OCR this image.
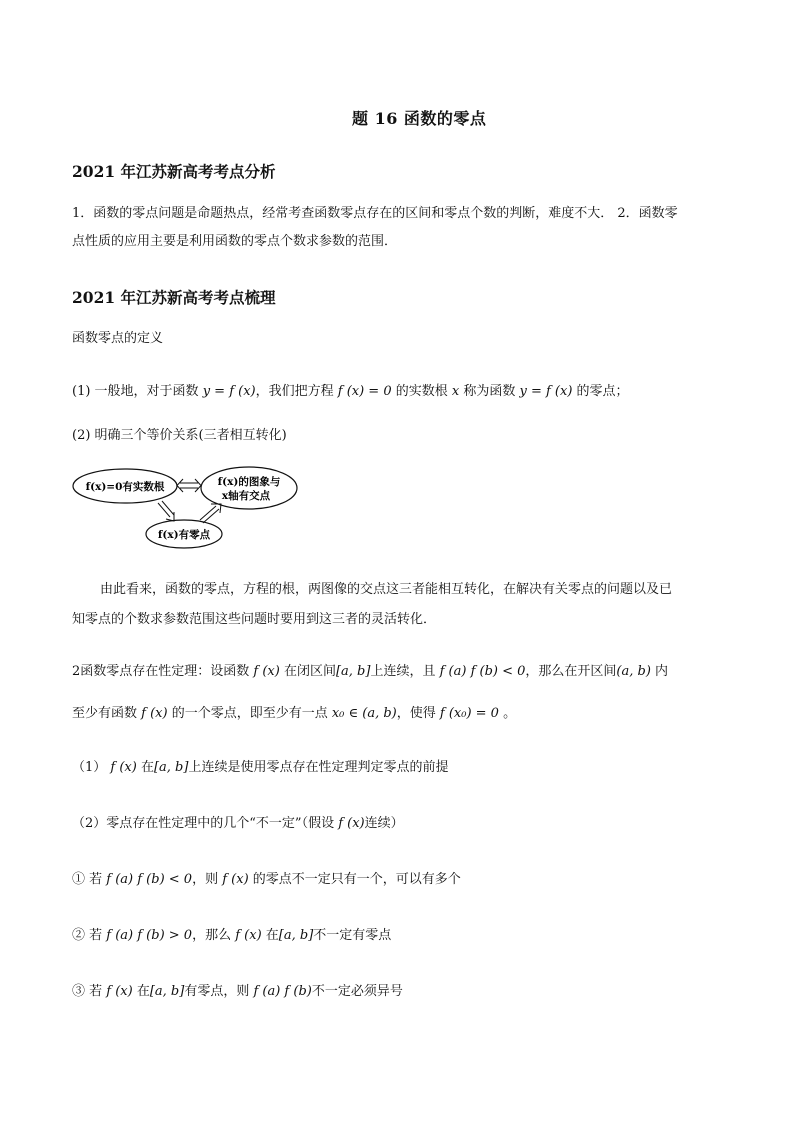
题 16 函数的零点
2021 年江苏新高考考点分析
1．函数的零点问题是命题热点，经常考查函数零点存在的区间和零点个数的判断，难度不大． 2．函数零
点性质的应用主要是利用函数的零点个数求参数的范围．
2021 年江苏新高考考点梳理
函数零点的定义
(1) 一般地，对于函数 y = f (x)，我们把方程 f (x) = 0 的实数根 x 称为函数 y = f (x) 的零点；
(2) 明确三个等价关系(三者相互转化)
f(x)=0有实数根	f(x)的图象与
x轴有交点
f(x)有零点
由此看来，函数的零点，方程的根，两图像的交点这三者能相互转化，在解决有关零点的问题以及已
知零点的个数求参数范围这些问题时要用到这三者的灵活转化．
2函数零点存在性定理：设函数 f (x) 在闭区间[a, b]上连续，且 f (a) f (b) < 0，那么在开区间(a, b) 内
至少有函数 f (x) 的一个零点，即至少有一点 x₀ ∈ (a, b)，使得 f (x₀) = 0 。
（1） f (x) 在[a, b]上连续是使用零点存在性定理判定零点的前提
（2）零点存在性定理中的几个“不一定”（假设 f (x)连续）
① 若 f (a) f (b) < 0，则 f (x) 的零点不一定只有一个，可以有多个
② 若 f (a) f (b) > 0，那么 f (x) 在[a, b]不一定有零点
③ 若 f (x) 在[a, b]有零点，则 f (a) f (b)不一定必须异号
